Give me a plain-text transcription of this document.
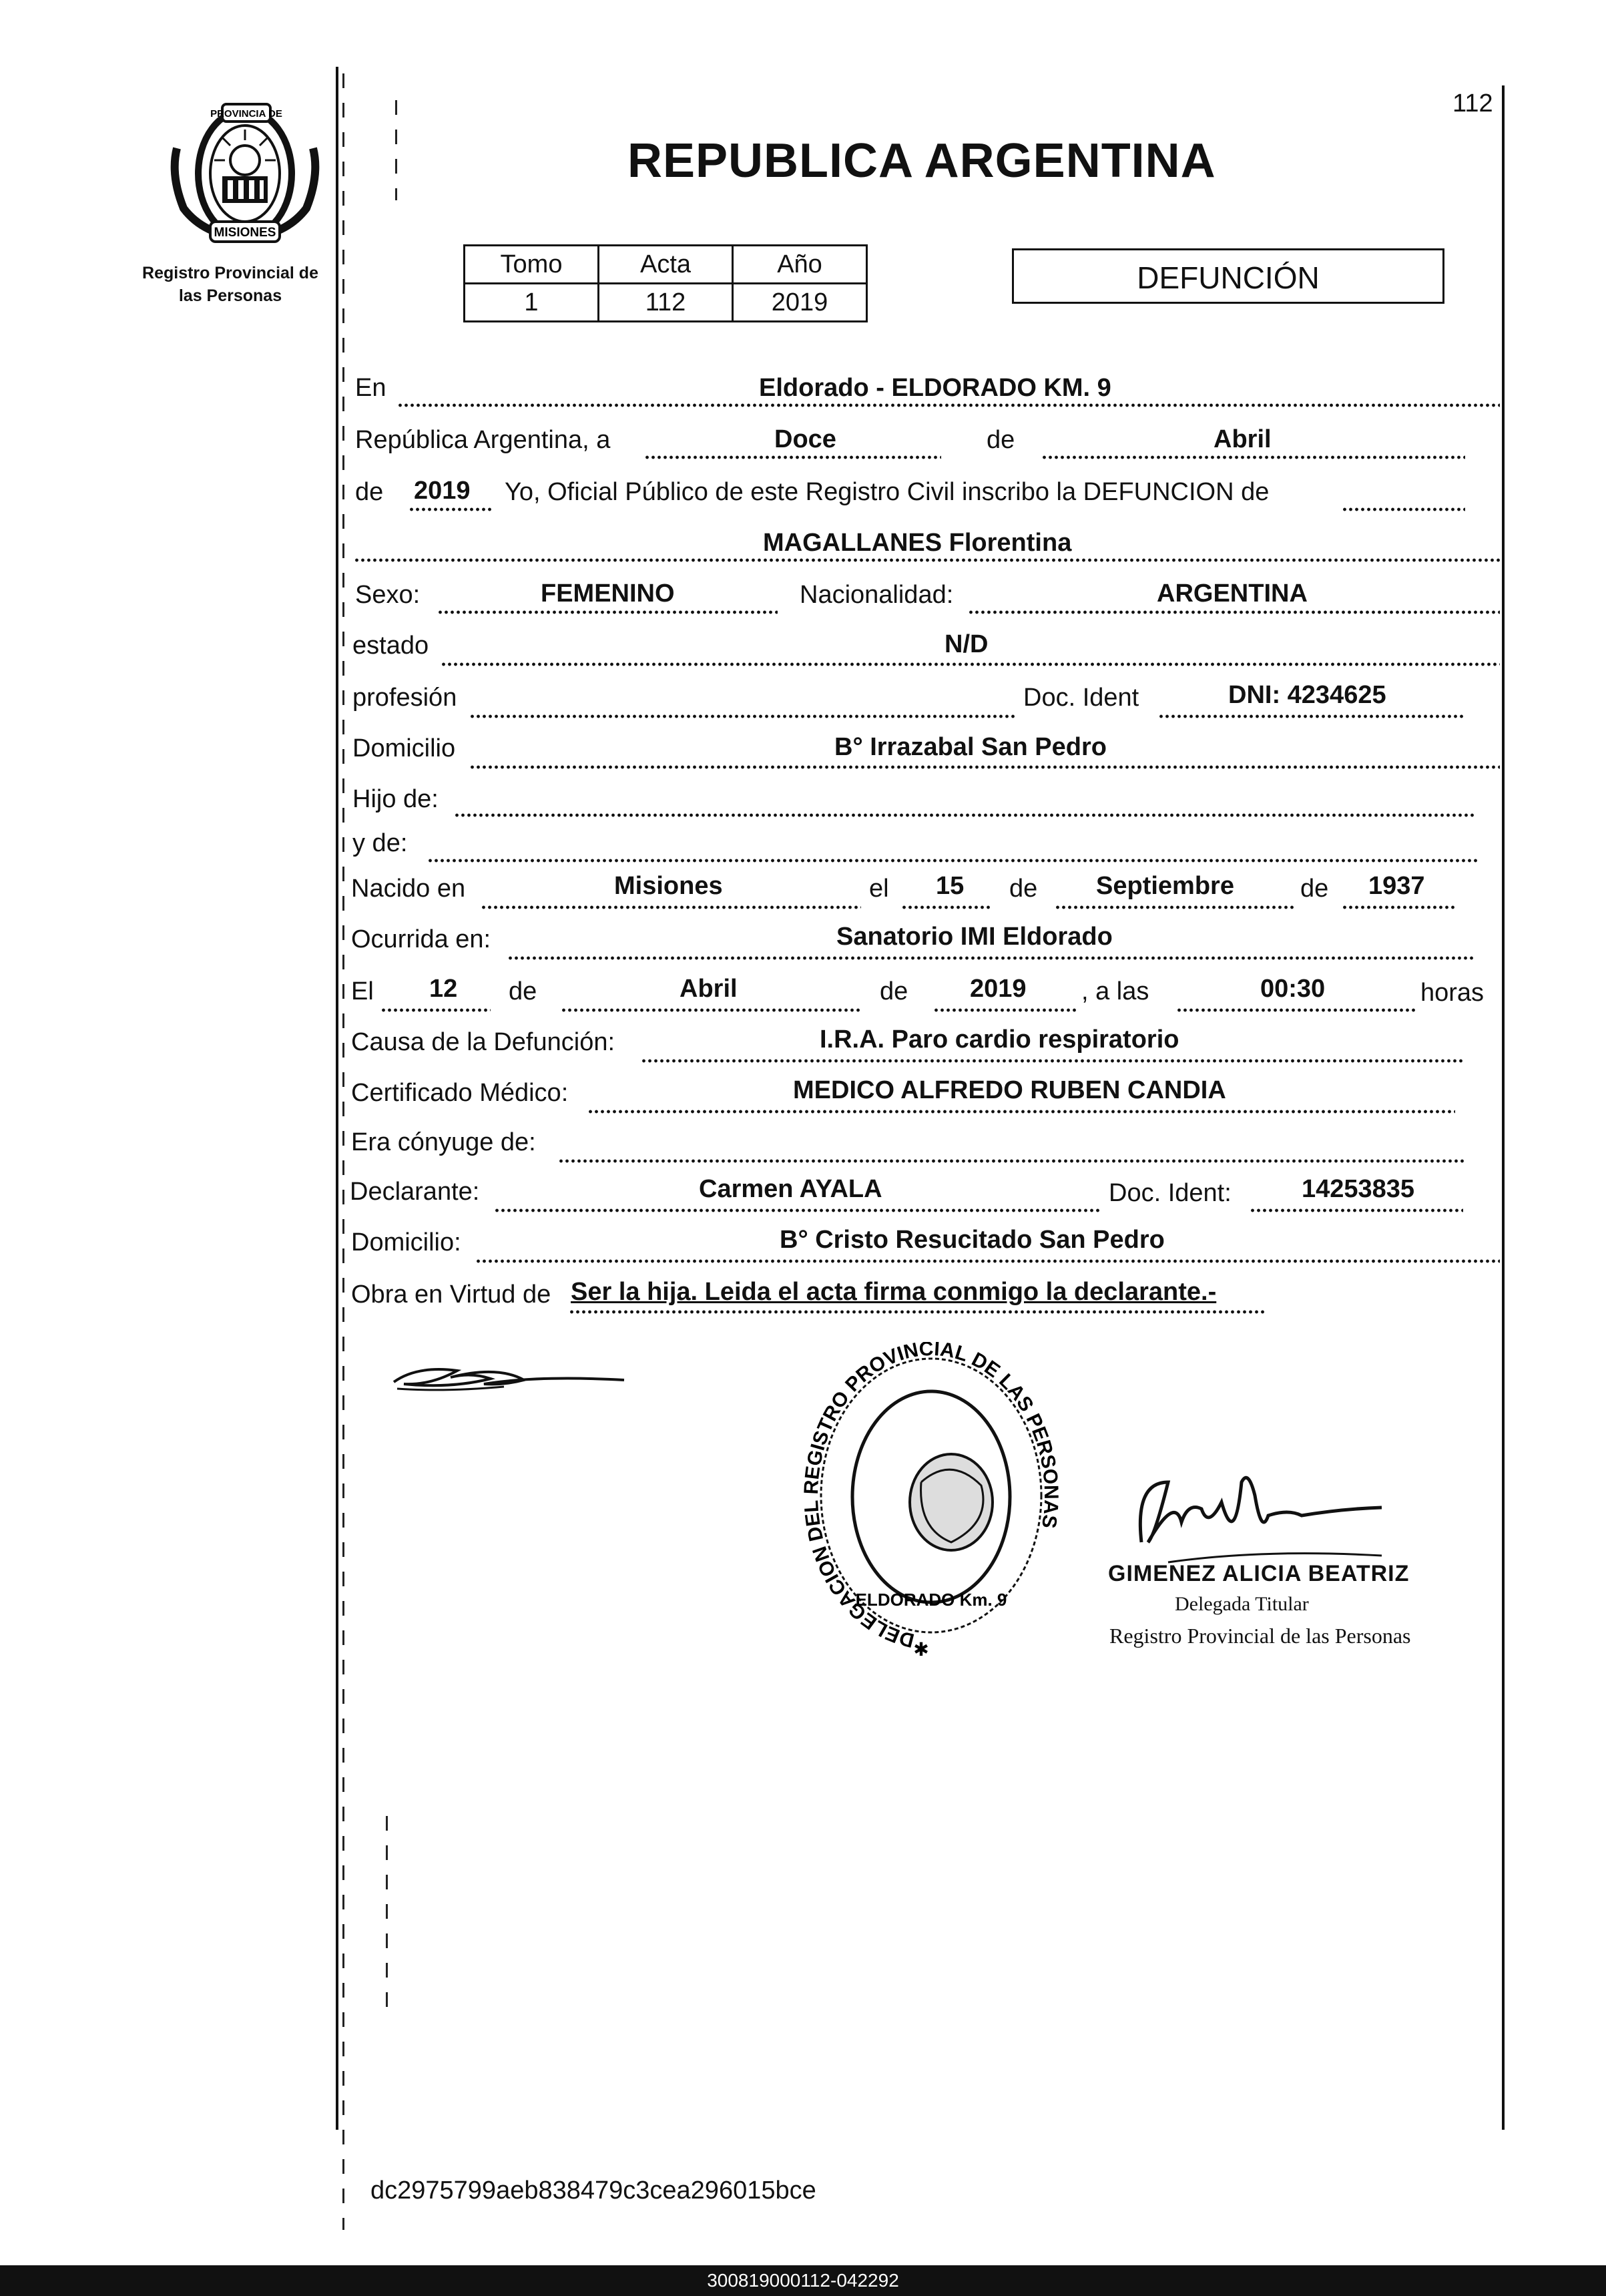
PROVINCIA DE
MISIONES
Registro Provincial de
las Personas
112
REPUBLICA ARGENTINA
Tomo	Acta	Año
1	112	2019
DEFUNCIÓN
En	Eldorado - ELDORADO KM. 9
República Argentina, a	Doce	de	Abril
de 2019 Yo, Oficial Público de este Registro Civil inscribo la DEFUNCION de
MAGALLANES Florentina
Sexo:	FEMENINO	Nacionalidad:	ARGENTINA
estado	N/D
profesión	Doc. Ident	DNI: 4234625
Domicilio	B° Irrazabal San Pedro
Hijo de:
y de:
Nacido en	Misiones	el 15 de Septiembre	de 1937
Ocurrida en:	Sanatorio IMI Eldorado
El 12 de	Abril	de 2019 , a las	00:30	horas
Causa de la Defunción:	I.R.A. Paro cardio respiratorio
Certificado Médico:	MEDICO ALFREDO RUBEN CANDIA
Era cónyuge de:
Declarante:	Carmen AYALA	Doc. Ident:	14253835
Domicilio:	B° Cristo Resucitado San Pedro
Obra en Virtud de Ser la hija. Leida el acta firma conmigo la declarante.-
DELEGACION DEL REGISTRO PROVINCIAL DE LAS PERSONAS
ELDORADO Km. 9
✱
GIMENEZ ALICIA BEATRIZ
Delegada Titular
Registro Provincial de las Personas
dc2975799aeb838479c3cea296015bce
300819000112-042292
